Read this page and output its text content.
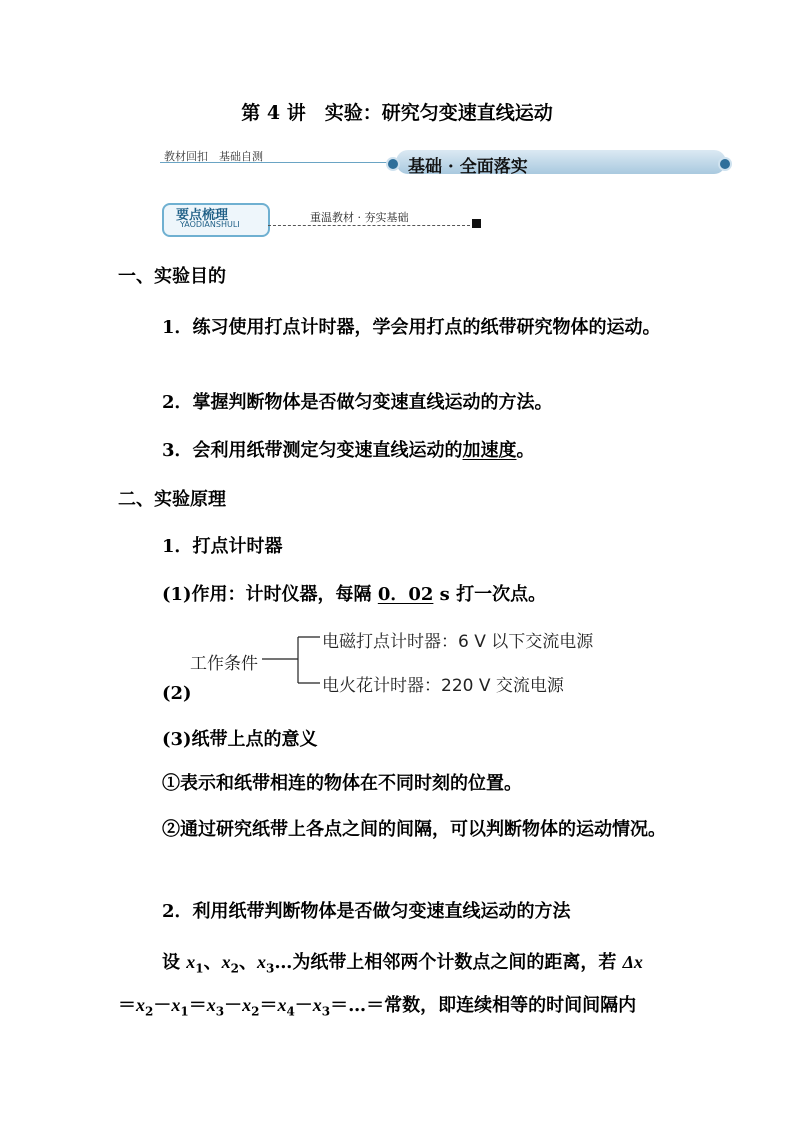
第 4 讲　实验：研究匀变速直线运动
教材回扣　基础自测
基础 · 全面落实
要点梳理
YAODIANSHULI
重温教材 · 夯实基础
一、实验目的
1．练习使用打点计时器，学会用打点的纸带研究物体的运动。
2．掌握判断物体是否做匀变速直线运动的方法。
3．会利用纸带测定匀变速直线运动的加速度。
二、实验原理
1．打点计时器
(1)作用：计时仪器，每隔 0．02 s 打一次点。
工作条件
电磁打点计时器：6 V 以下交流电源
电火花计时器：220 V 交流电源
(2)
(3)纸带上点的意义
①表示和纸带相连的物体在不同时刻的位置。
②通过研究纸带上各点之间的间隔，可以判断物体的运动情况。
2．利用纸带判断物体是否做匀变速直线运动的方法
设 $x_1$、$x_2$、$x_3\dots$为纸带上相邻两个计数点之间的距离，若 Δx
$=x_2-x_1=x_3-x_2=x_4-x_3=\dots=$常数，即连续相等的时间间隔内
